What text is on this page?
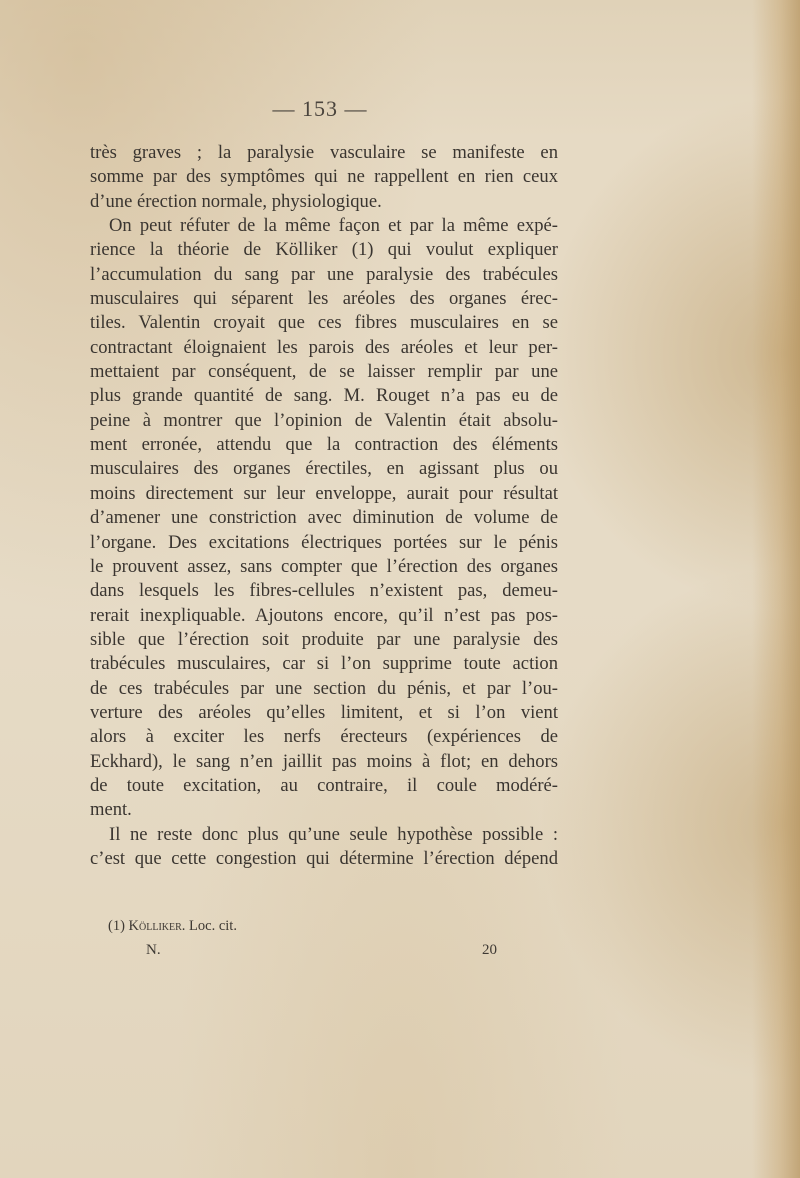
— 153 —
très graves ; la paralysie vasculaire se manifeste en
somme par des symptômes qui ne rappellent en rien ceux
d’une érection normale, physiologique.
On peut réfuter de la même façon et par la même expé-
rience la théorie de Kölliker (1) qui voulut expliquer
l’accumulation du sang par une paralysie des trabécules
musculaires qui séparent les aréoles des organes érec-
tiles. Valentin croyait que ces fibres musculaires en se
contractant éloignaient les parois des aréoles et leur per-
mettaient par conséquent, de se laisser remplir par une
plus grande quantité de sang. M. Rouget n’a pas eu de
peine à montrer que l’opinion de Valentin était absolu-
ment erronée, attendu que la contraction des éléments
musculaires des organes érectiles, en agissant plus ou
moins directement sur leur enveloppe, aurait pour résultat
d’amener une constriction avec diminution de volume de
l’organe. Des excitations électriques portées sur le pénis
le prouvent assez, sans compter que l’érection des organes
dans lesquels les fibres-cellules n’existent pas, demeu-
rerait inexpliquable. Ajoutons encore, qu’il n’est pas pos-
sible que l’érection soit produite par une paralysie des
trabécules musculaires, car si l’on supprime toute action
de ces trabécules par une section du pénis, et par l’ou-
verture des aréoles qu’elles limitent, et si l’on vient
alors à exciter les nerfs érecteurs (expériences de
Eckhard), le sang n’en jaillit pas moins à flot; en dehors
de toute excitation, au contraire, il coule modéré-
ment.
Il ne reste donc plus qu’une seule hypothèse possible :
c’est que cette congestion qui détermine l’érection dépend
(1) Kölliker. Loc. cit.
N.	20
